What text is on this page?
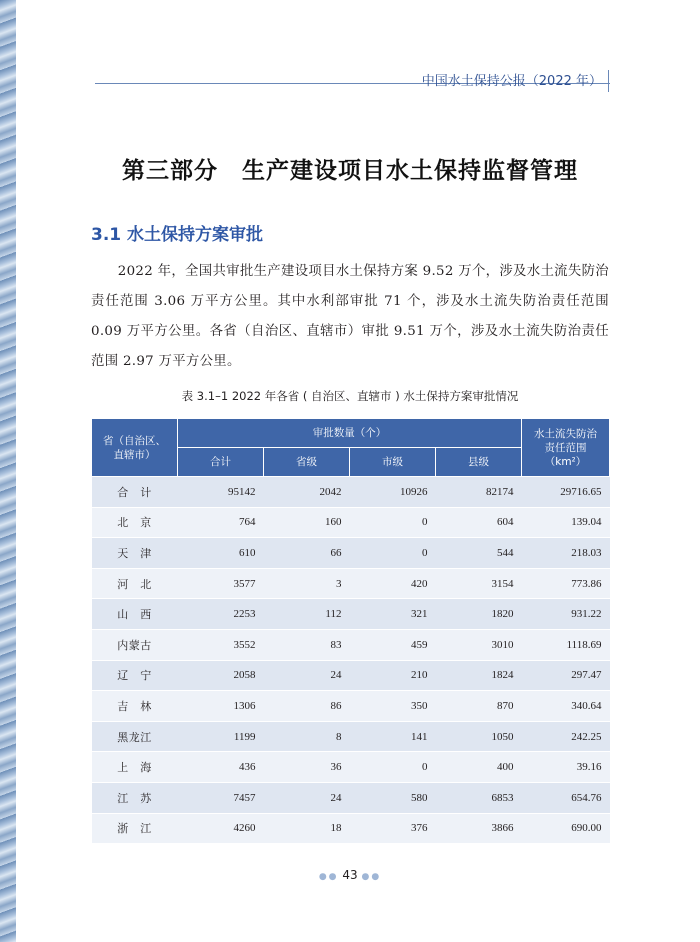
中国水土保持公报（2022 年）
第三部分　生产建设项目水土保持监督管理
3.1 水土保持方案审批

2022 年，全国共审批生产建设项目水土保持方案 9.52 万个，涉及水土流失防治责任范围 3.06 万平方公里。其中水利部审批 71 个，涉及水土流失防治责任范围 0.09 万平方公里。各省（自治区、直辖市）审批 9.51 万个，涉及水土流失防治责任范围 2.97 万平方公里。

表 3.1–1 2022 年各省 ( 自治区、直辖市 ) 水土保持方案审批情况
省（自治区、直辖市）	审批数量（个）				水土流失防治责任范围
（km²）
	合计	省级	市级	县级	
合　计	95142	2042	10926	82174	29716.65
北　京	764	160	0	604	139.04
天　津	610	66	0	544	218.03
河　北	3577	3	420	3154	773.86
山　西	2253	112	321	1820	931.22
内蒙古	3552	83	459	3010	1118.69
辽　宁	2058	24	210	1824	297.47
吉　林	1306	86	350	870	340.64
黑龙江	1199	8	141	1050	242.25
上　海	436	36	0	400	39.16
江　苏	7457	24	580	6853	654.76
浙　江	4260	18	376	3866	690.00
●● 43 ●●
